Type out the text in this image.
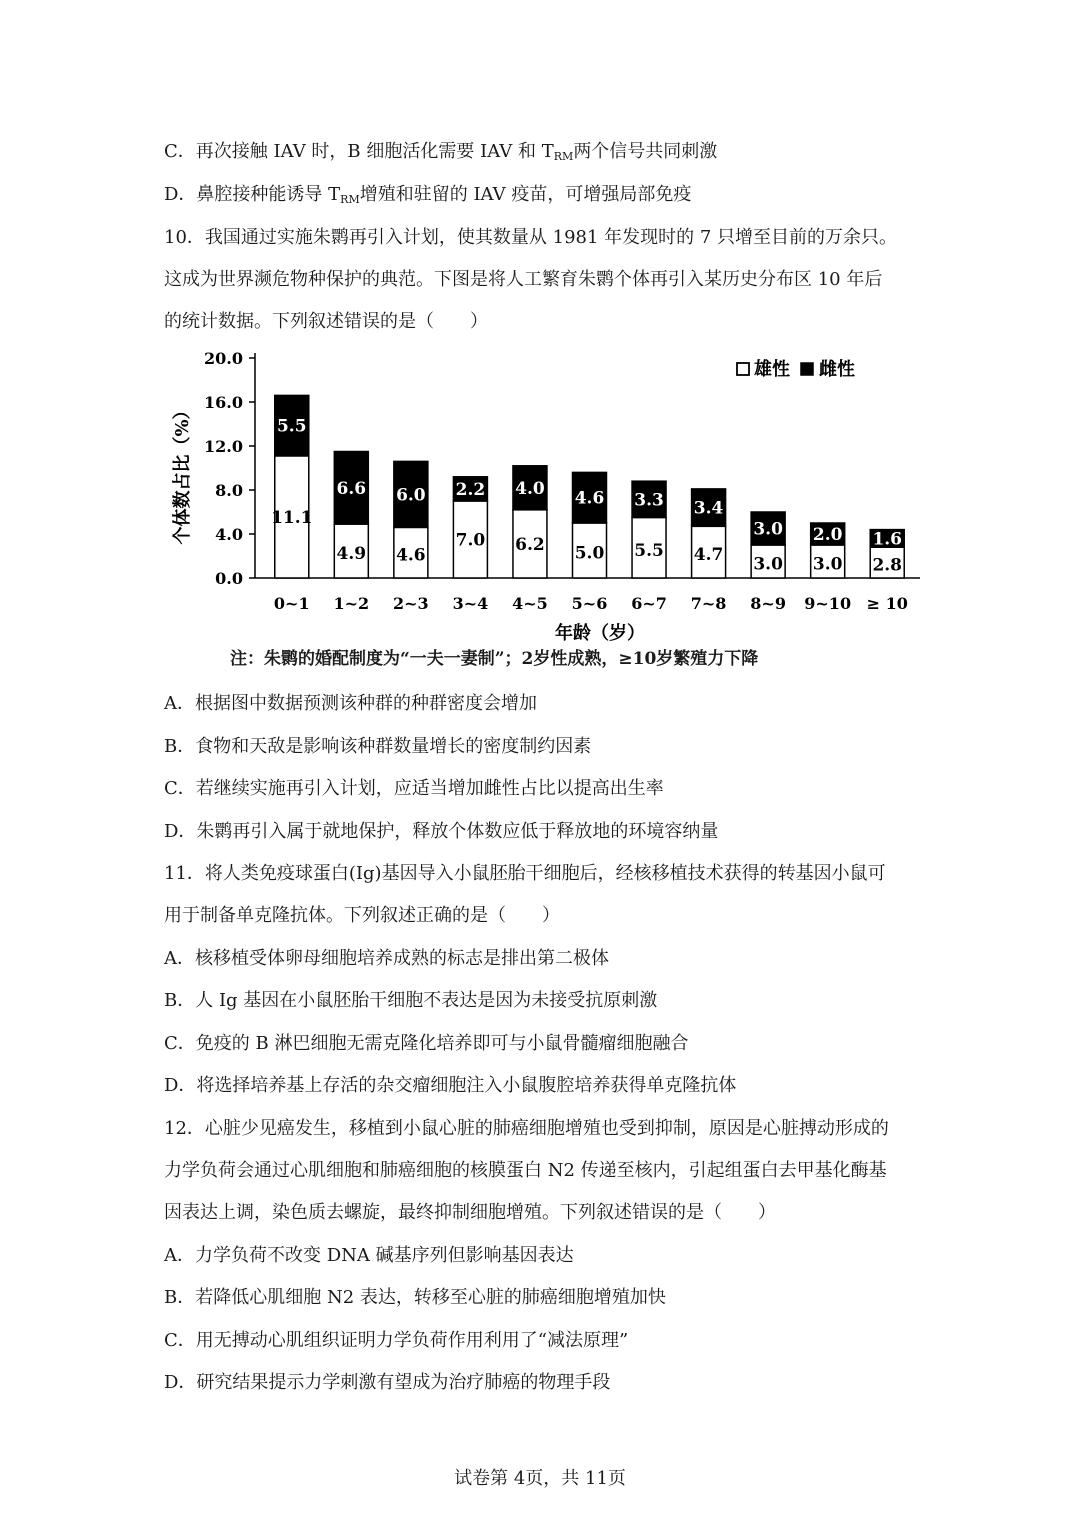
C．再次接触 IAV 时，B 细胞活化需要 IAV 和 $T_{RM}$两个信号共同刺激
D．鼻腔接种能诱导 $T_{RM}$增殖和驻留的 IAV 疫苗，可增强局部免疫
10．我国通过实施朱鹮再引入计划，使其数量从 1981 年发现时的 7 只增至目前的万余只。
这成为世界濒危物种保护的典范。下图是将人工繁育朱鹮个体再引入某历史分布区 10 年后
的统计数据。下列叙述错误的是（　　）
个体数占比（%）
0.0
4.0
8.0
12.0
16.0
20.0
11.1
5.5
0~1
4.9
6.6
1~2
4.6
6.0
2~3
7.0
2.2
3~4
6.2
4.0
4~5
5.0
4.6
5~6
5.5
3.3
6~7
4.7
3.4
7~8
3.0
3.0
8~9
3.0
2.0
9~10
2.8
1.6
≥ 10
年龄（岁）
雄性 雌性
注：朱鹮的婚配制度为“一夫一妻制”；2岁性成熟，≥10岁繁殖力下降
A．根据图中数据预测该种群的种群密度会增加
B．食物和天敌是影响该种群数量增长的密度制约因素
C．若继续实施再引入计划，应适当增加雌性占比以提高出生率
D．朱鹮再引入属于就地保护，释放个体数应低于释放地的环境容纳量
11．将人类免疫球蛋白(Ig)基因导入小鼠胚胎干细胞后，经核移植技术获得的转基因小鼠可
用于制备单克隆抗体。下列叙述正确的是（　　）
A．核移植受体卵母细胞培养成熟的标志是排出第二极体
B．人 Ig 基因在小鼠胚胎干细胞不表达是因为未接受抗原刺激
C．免疫的 B 淋巴细胞无需克隆化培养即可与小鼠骨髓瘤细胞融合
D．将选择培养基上存活的杂交瘤细胞注入小鼠腹腔培养获得单克隆抗体
12．心脏少见癌发生，移植到小鼠心脏的肺癌细胞增殖也受到抑制，原因是心脏搏动形成的
力学负荷会通过心肌细胞和肺癌细胞的核膜蛋白 N2 传递至核内，引起组蛋白去甲基化酶基
因表达上调，染色质去螺旋，最终抑制细胞增殖。下列叙述错误的是（　　）
A．力学负荷不改变 DNA 碱基序列但影响基因表达
B．若降低心肌细胞 N2 表达，转移至心脏的肺癌细胞增殖加快
C．用无搏动心肌组织证明力学负荷作用利用了“减法原理”
D．研究结果提示力学刺激有望成为治疗肺癌的物理手段
试卷第 4页，共 11页
